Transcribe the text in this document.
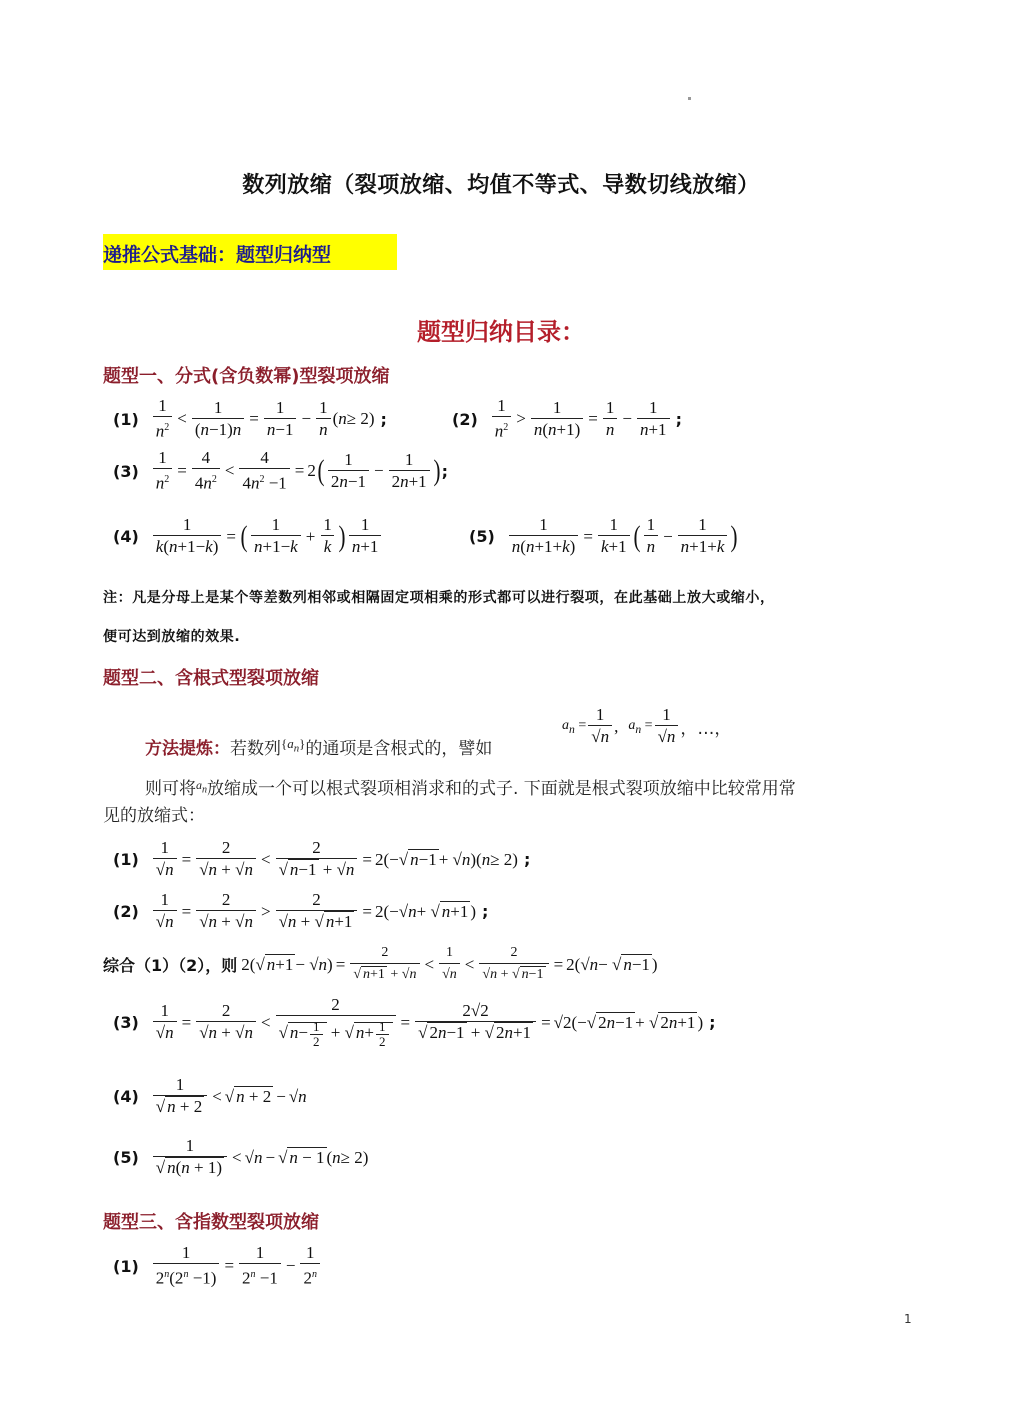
数列放缩（裂项放缩、均值不等式、导数切线放缩）
递推公式基础：题型归纳型
题型归纳目录：
题型一、分式(含负数幂)型裂项放缩
$(1) \frac{1}{n^2} < \frac{1}{(n-1)n} = \frac{1}{n-1} - \frac{1}{n}$ ( n ≥ 2) ;	$(2) \frac{1}{n^2} > \frac{1}{n(n+1)} = \frac{1}{n} - \frac{1}{n+1}$ ;
$(3) \frac{1}{n^2} = \frac{4}{4n^2} < \frac{4}{4n^2 -1} = 2$ ( $\frac{1}{2n-1} - \frac{1}{2n+1}$ ) ;
$(4) \frac{1}{k(n+1-k)}$ = ( $\frac{1}{n+1-k} + \frac{1}{k}$ ) $\frac{1}{n+1}$	$(5) \frac{1}{n(n+1+k)} = \frac{1}{k+1}$ ( $\frac{1}{n} - \frac{1}{n+1+k}$ )
注：凡是分母上是某个等差数列相邻或相隔固定项相乘的形式都可以进行裂项，在此基础上放大或缩小，
便可达到放缩的效果.
题型二、含根式型裂项放缩
方法提炼：若数列$^{\{a_n\}}$的通项是含根式的，譬如
$a_n = \frac{1}{√n}$ , $a_n = \frac{1}{√n}$ ，…，
则可将$^{a_n}$放缩成一个可以根式裂项相消求和的式子. 下面就是根式裂项放缩中比较常用常
见的放缩式：
$(1) \frac{1}{√n} = \frac{2}{√n + √n} < \frac{2}{√ n-1 + √n} = 2(-√$ n−1 + √ n )( n ≥ 2) ;
$(2) \frac{1}{√n} = \frac{2}{√n + √n} > \frac{2}{√n + √ n+1} = 2(-√$ n + √ n+1 ) ;
综合（1）（2），则 2(√ n+1 − √ n ) = $\frac{2}{√ n+1 + √n} < \frac{1}{√n} < \frac{2}{√n + √ n-1} = 2(√$ n − √ n−1 )
$(3) \frac{1}{√n} = \frac{2}{√n + √n} < \frac{2}{√ n- \frac{1}{2} + √ n+ \frac{1}{2}} = \frac{2√2}{√ 2n-1 + √ 2n+1} = √2(-√$ 2n−1 + √ 2n+1 ) ;
$(4) \frac{1}{√ n + 2}$ < √ n + 2 − √ n
$(5) \frac{1}{√ n(n + 1)}$ < √ n − √ n − 1 ( n ≥ 2)
题型三、含指数型裂项放缩
$(1) \frac{1}{2^n(2^n -1)} = \frac{1}{2^n -1} - \frac{1}{2^n}$
1
